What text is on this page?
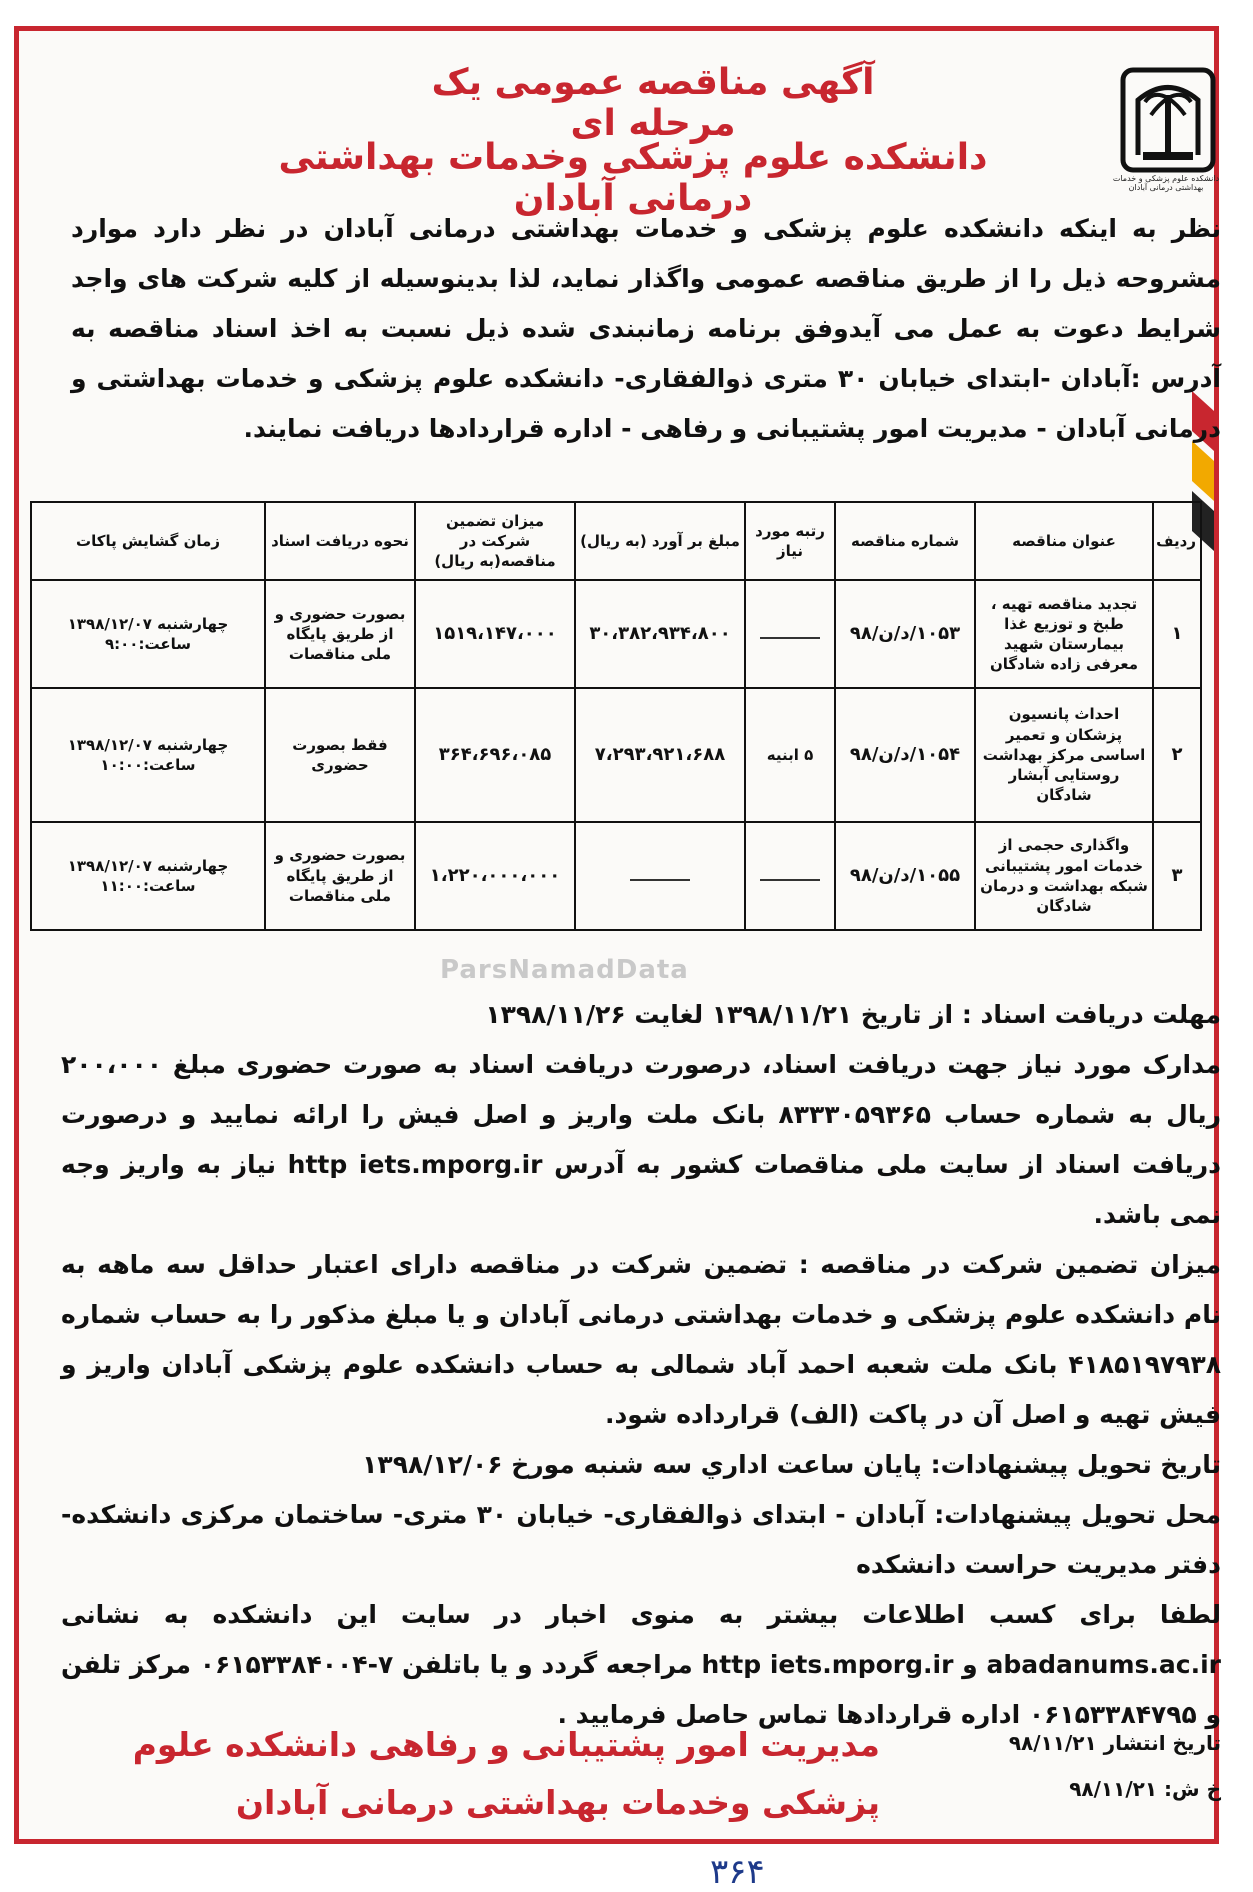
دانشکده علوم پزشکی و خدمات بهداشتی درمانی آبادان
آگهی مناقصه عمومی یک مرحله ای
دانشکده علوم پزشکی وخدمات بهداشتی درمانی آبادان
نظر به اینکه دانشکده علوم پزشکی و خدمات بهداشتی درمانی آبادان در نظر دارد موارد مشروحه ذیل را از طریق مناقصه عمومی واگذار نماید، لذا بدینوسیله از کلیه شرکت های واجد شرایط دعوت به عمل می آیدوفق برنامه زمانبندی شده ذیل نسبت به اخذ اسناد مناقصه به آدرس :آبادان -ابتدای خیابان ۳۰ متری ذوالفقاری- دانشکده علوم پزشکی و خدمات بهداشتی و درمانی آبادان - مدیریت امور پشتیبانی و رفاهی - اداره قراردادها دریافت نمایند.
ردیف	عنوان مناقصه	شماره مناقصه	رتبه مورد نیاز	مبلغ بر آورد (به ریال)	میزان تضمین شرکت در مناقصه(به ریال)	نحوه دریافت اسناد	زمان گشایش پاکات
۱	تجدید مناقصه تهیه ، طبخ و توزیع غذا بیمارستان شهید معرفی زاده شادگان	۱۰۵۳/د/ن/۹۸		۳۰،۳۸۲،۹۳۴،۸۰۰	۱۵۱۹،۱۴۷،۰۰۰	بصورت حضوری و از طریق پایگاه ملی مناقصات	چهارشنبه ۱۳۹۸/۱۲/۰۷ ساعت:۹:۰۰
۲	احداث پانسیون پزشکان و تعمیر اساسی مرکز بهداشت روستایی آبشار شادگان	۱۰۵۴/د/ن/۹۸	۵ ابنیه	۷،۲۹۳،۹۲۱،۶۸۸	۳۶۴،۶۹۶،۰۸۵	فقط بصورت حضوری	چهارشنبه ۱۳۹۸/۱۲/۰۷ ساعت:۱۰:۰۰
۳	واگذاری حجمی از خدمات امور پشتیبانی شبکه بهداشت و درمان شادگان	۱۰۵۵/د/ن/۹۸			۱،۲۲۰،۰۰۰،۰۰۰	بصورت حضوری و از طریق پایگاه ملی مناقصات	چهارشنبه ۱۳۹۸/۱۲/۰۷ ساعت:۱۱:۰۰
ParsNamadData

مهلت دریافت اسناد : از تاریخ ۱۳۹۸/۱۱/۲۱ لغایت ۱۳۹۸/۱۱/۲۶

مدارک مورد نیاز جهت دریافت اسناد، درصورت دریافت اسناد به صورت حضوری مبلغ ۲۰۰،۰۰۰ ریال به شماره حساب ۸۳۳۳۰۵۹۳۶۵ بانک ملت واریز و اصل فیش را ارائه نمایید و درصورت دریافت اسناد از سایت ملی مناقصات کشور به آدرس http iets.mporg.ir نیاز به واریز وجه نمی باشد.

میزان تضمین شرکت در مناقصه : تضمین شرکت در مناقصه دارای اعتبار حداقل سه ماهه به نام دانشکده علوم پزشکی و خدمات بهداشتی درمانی آبادان و یا مبلغ مذکور را به حساب شماره ۴۱۸۵۱۹۷۹۳۸ بانک ملت شعبه احمد آباد شمالی به حساب دانشکده علوم پزشکی آبادان واریز و فیش تهیه و اصل آن در پاکت (الف) قرارداده شود.

تاریخ تحویل پیشنهادات: پایان ساعت اداري سه شنبه مورخ ۱۳۹۸/۱۲/۰۶

محل تحویل پیشنهادات: آبادان - ابتدای ذوالفقاری- خیابان ۳۰ متری- ساختمان مرکزی دانشکده- دفتر مدیریت حراست دانشکده

لطفا برای کسب اطلاعات بیشتر به منوی اخبار در سایت این دانشکده به نشانی abadanums.ac.ir و http iets.mporg.ir مراجعه گردد و یا باتلفن ۷-۰۶۱۵۳۳۸۴۰۰۴ مرکز تلفن و ۰۶۱۵۳۳۸۴۷۹۵ اداره قراردادها تماس حاصل فرمایید .

تاریخ انتشار ۹۸/۱۱/۲۱
خ ش: ۹۸/۱۱/۲۱
مدیریت امور پشتیبانی و رفاهی دانشکده علوم پزشکی وخدمات بهداشتی درمانی آبادان
۳۶۴
